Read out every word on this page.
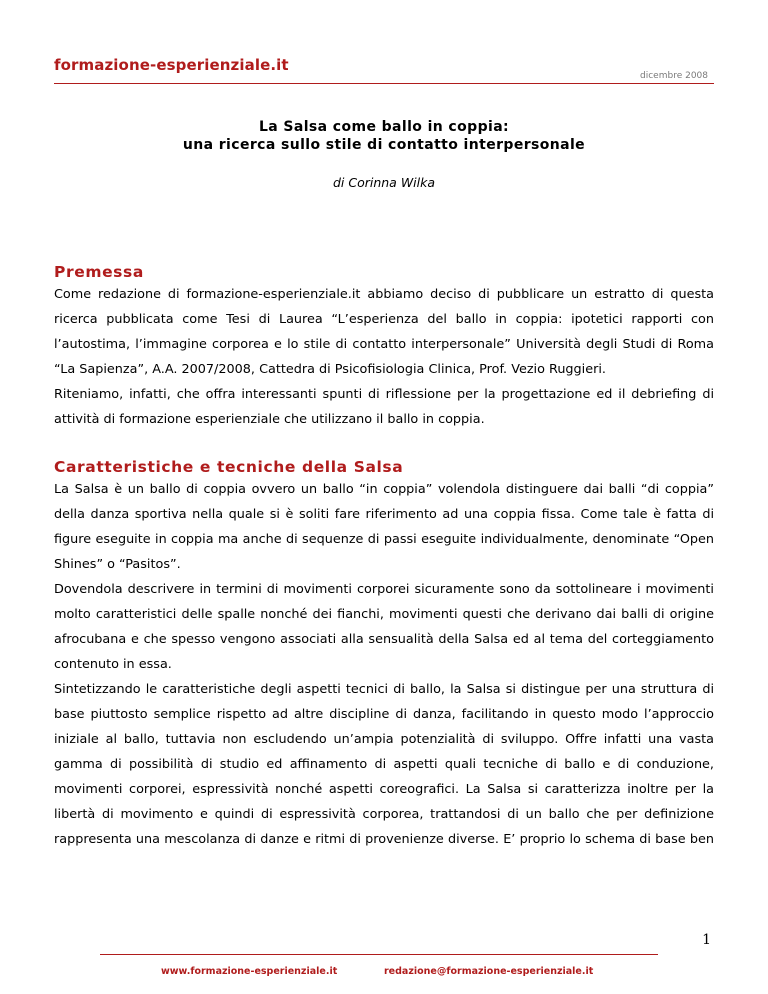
formazione-esperienziale.it
dicembre 2008
La Salsa come ballo in coppia:
una ricerca sullo stile di contatto interpersonale
di Corinna Wilka
Premessa

Come redazione di formazione-esperienziale.it abbiamo deciso di pubblicare un estratto di questa ricerca pubblicata come Tesi di Laurea “L’esperienza del ballo in coppia: ipotetici rapporti con l’autostima, l’immagine corporea e lo stile di contatto interpersonale” Università degli Studi di Roma “La Sapienza”, A.A. 2007/2008, Cattedra di Psicofisiologia Clinica, Prof. Vezio Ruggieri.

Riteniamo, infatti, che offra interessanti spunti di riflessione per la progettazione ed il debriefing di attività di formazione esperienziale che utilizzano il ballo in coppia.

Caratteristiche e tecniche della Salsa

La Salsa è un ballo di coppia ovvero un ballo “in coppia” volendola distinguere dai balli “di coppia” della danza sportiva nella quale si è soliti fare riferimento ad una coppia fissa. Come tale è fatta di figure eseguite in coppia ma anche di sequenze di passi eseguite individualmente, denominate “Open Shines” o “Pasitos”.

Dovendola descrivere in termini di movimenti corporei sicuramente sono da sottolineare i movimenti molto caratteristici delle spalle nonché dei fianchi, movimenti questi che derivano dai balli di origine afrocubana e che spesso vengono associati alla sensualità della Salsa ed al tema del corteggiamento contenuto in essa.

Sintetizzando le caratteristiche degli aspetti tecnici di ballo, la Salsa si distingue per una struttura di base piuttosto semplice rispetto ad altre discipline di danza, facilitando in questo modo l’approccio iniziale al ballo, tuttavia non escludendo un’ampia potenzialità di sviluppo. Offre infatti una vasta gamma di possibilità di studio ed affinamento di aspetti quali tecniche di ballo e di conduzione, movimenti corporei, espressività nonché aspetti coreografici. La Salsa si caratterizza inoltre per la libertà di movimento e quindi di espressività corporea, trattandosi di un ballo che per definizione rappresenta una mescolanza di danze e ritmi di provenienze diverse. E’ proprio lo schema di base ben

1
www.formazione-esperienziale.it	redazione@formazione-esperienziale.it
